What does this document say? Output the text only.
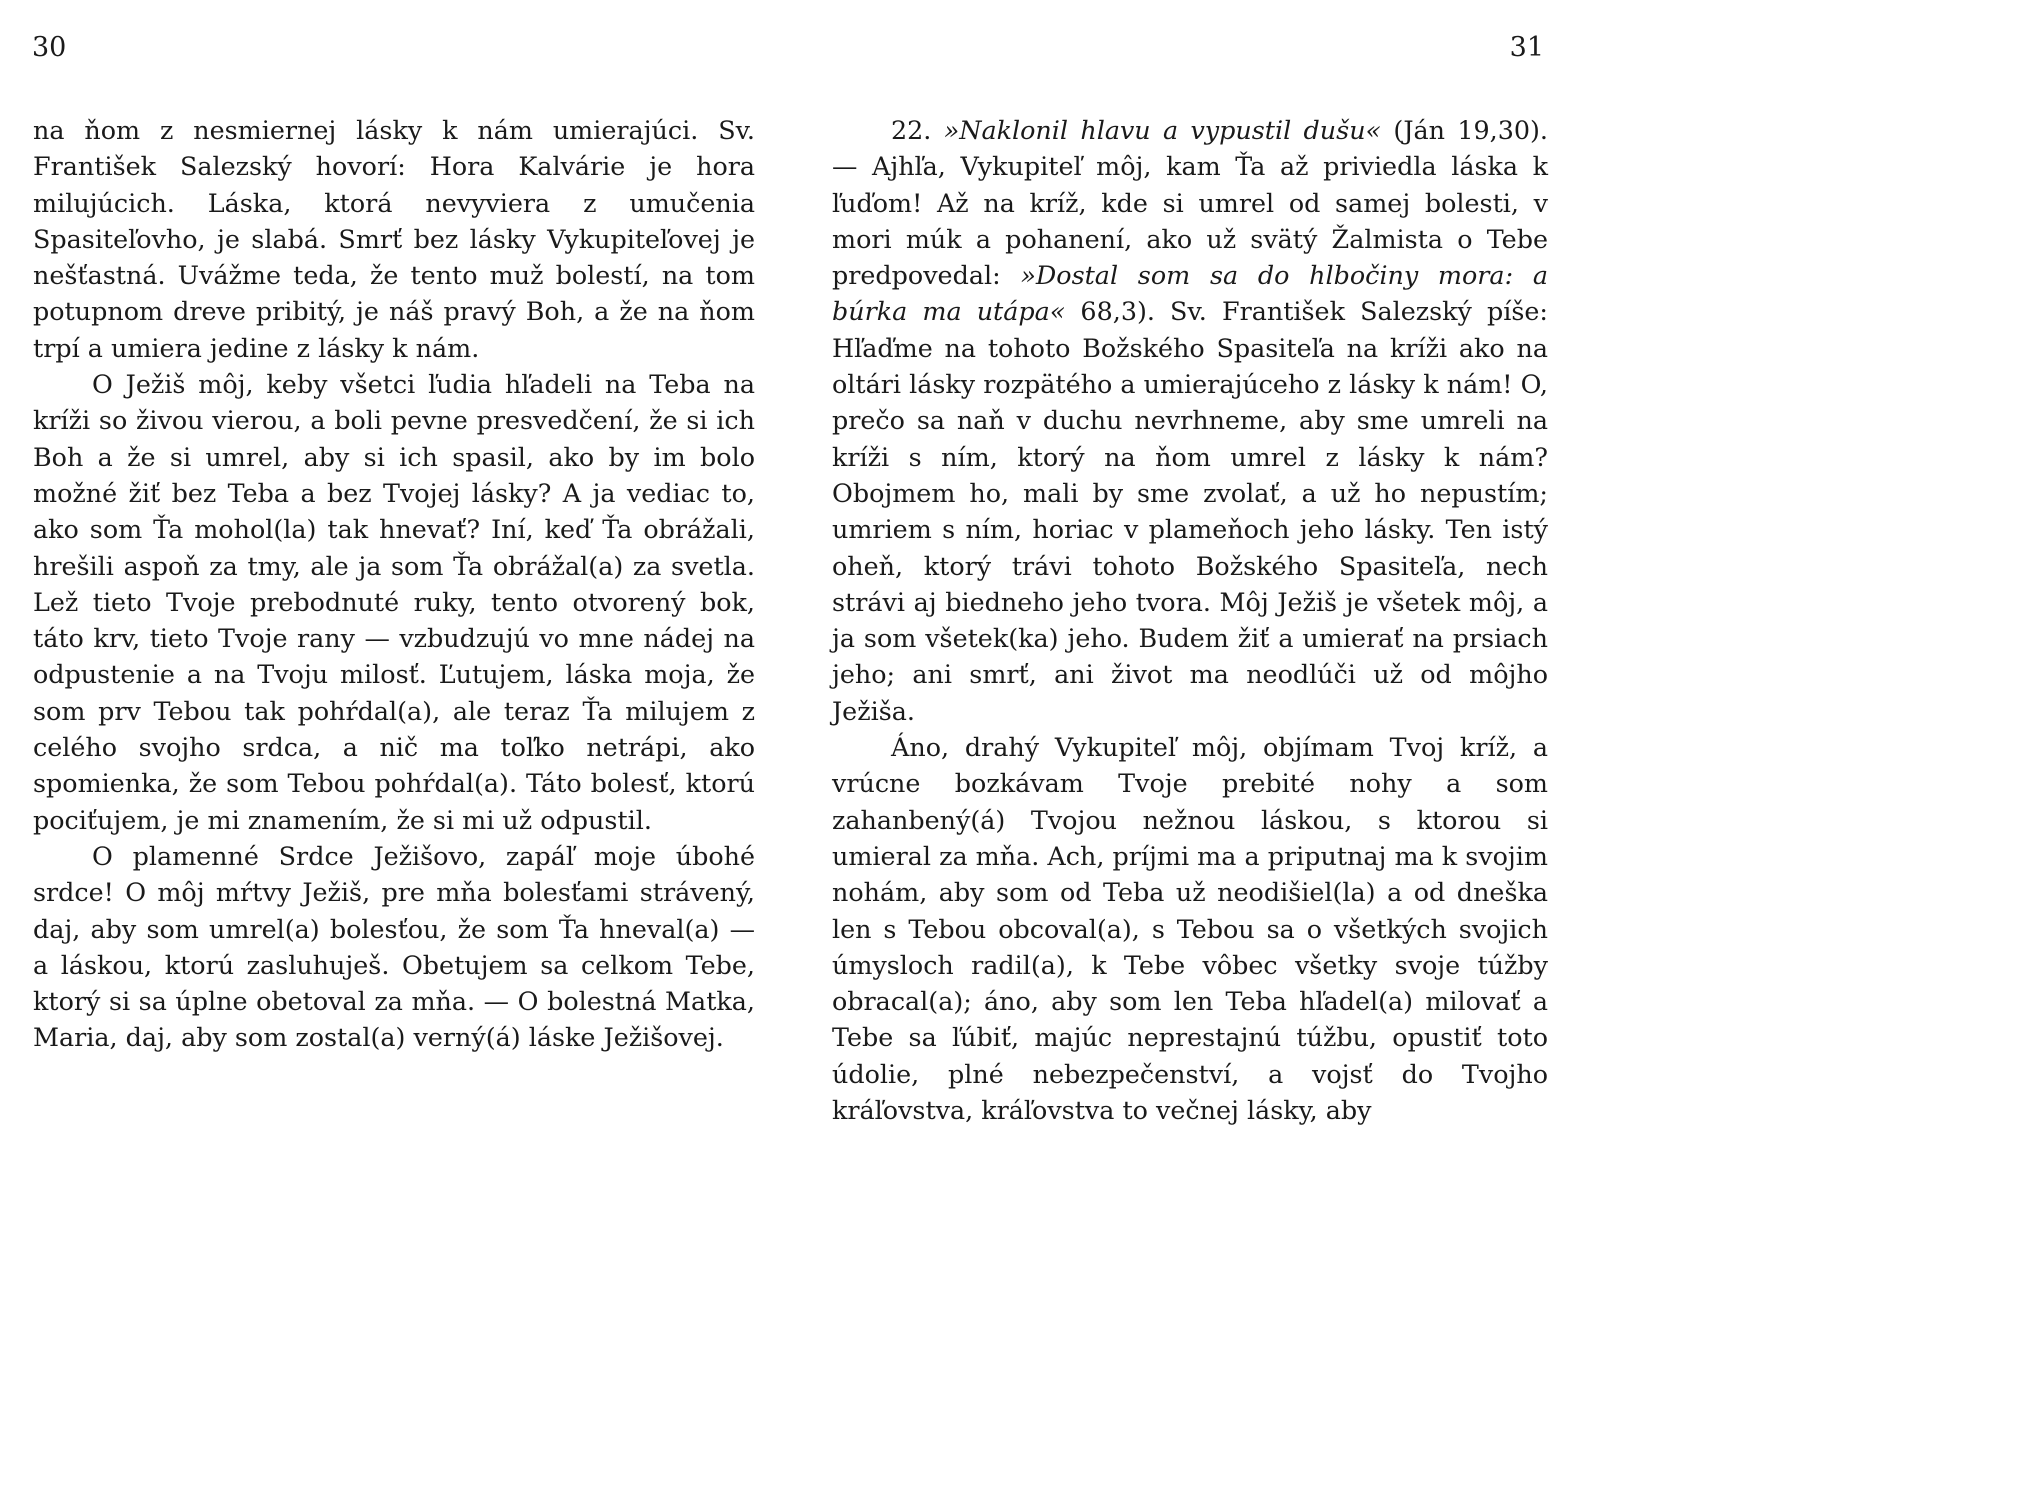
30

na ňom z nesmiernej lásky k nám umierajúci. Sv. František Salezský hovorí: Hora Kalvárie je hora milujúcich. Láska, ktorá nevyviera z umučenia Spasiteľovho, je slabá. Smrť bez lásky Vykupiteľovej je nešťastná. Uvážme teda, že tento muž bolestí, na tom potupnom dreve pribitý, je náš pravý Boh, a že na ňom trpí a umiera jedine z lásky k nám.

O Ježiš môj, keby všetci ľudia hľadeli na Teba na kríži so živou vierou, a boli pevne presvedčení, že si ich Boh a že si umrel, aby si ich spasil, ako by im bolo možné žiť bez Teba a bez Tvojej lásky? A ja vediac to, ako som Ťa mohol(la) tak hnevať? Iní, keď Ťa obrážali, hrešili aspoň za tmy, ale ja som Ťa obrážal(a) za svetla. Lež tieto Tvoje prebodnuté ruky, tento otvorený bok, táto krv, tieto Tvoje rany — vzbudzujú vo mne nádej na odpustenie a na Tvoju milosť. Ľutujem, láska moja, že som prv Tebou tak pohŕdal(a), ale teraz Ťa milujem z celého svojho srdca, a nič ma toľko netrápi, ako spomienka, že som Tebou pohŕdal(a). Táto bolesť, ktorú pociťujem, je mi znamením, že si mi už odpustil.

O plamenné Srdce Ježišovo, zapáľ moje úbohé srdce! O môj mŕtvy Ježiš, pre mňa bolesťami strávený, daj, aby som umrel(a) bolesťou, že som Ťa hneval(a) — a láskou, ktorú zasluhuješ. Obetujem sa celkom Tebe, ktorý si sa úplne obetoval za mňa. — O bolestná Matka, Maria, daj, aby som zostal(a) verný(á) láske Ježišovej.

31

22. »Naklonil hlavu a vypustil dušu« (Ján 19,30). — Ajhľa, Vykupiteľ môj, kam Ťa až priviedla láska k ľuďom! Až na kríž, kde si umrel od samej bolesti, v mori múk a pohanení, ako už svätý Žalmista o Tebe predpovedal: »Dostal som sa do hlbočiny mora: a búrka ma utápa« 68,3). Sv. František Salezský píše: Hľaďme na tohoto Božského Spasiteľa na kríži ako na oltári lásky rozpätého a umierajúceho z lásky k nám! O, prečo sa naň v duchu nevrhneme, aby sme umreli na kríži s ním, ktorý na ňom umrel z lásky k nám? Obojmem ho, mali by sme zvolať, a už ho nepustím; umriem s ním, horiac v plameňoch jeho lásky. Ten istý oheň, ktorý trávi tohoto Božského Spasiteľa, nech strávi aj biedneho jeho tvora. Môj Ježiš je všetek môj, a ja som všetek(ka) jeho. Budem žiť a umierať na prsiach jeho; ani smrť, ani život ma neodlúči už od môjho Ježiša.

Áno, drahý Vykupiteľ môj, objímam Tvoj kríž, a vrúcne bozkávam Tvoje prebité nohy a som zahanbený(á) Tvojou nežnou láskou, s ktorou si umieral za mňa. Ach, príjmi ma a priputnaj ma k svojim nohám, aby som od Teba už neodišiel(la) a od dneška len s Tebou obcoval(a), s Tebou sa o všetkých svojich úmysloch radil(a), k Tebe vôbec všetky svoje túžby obracal(a); áno, aby som len Teba hľadel(a) milovať a Tebe sa ľúbiť, majúc neprestajnú túžbu, opustiť toto údolie, plné nebezpečenství, a vojsť do Tvojho kráľovstva, kráľovstva to večnej lásky, aby
